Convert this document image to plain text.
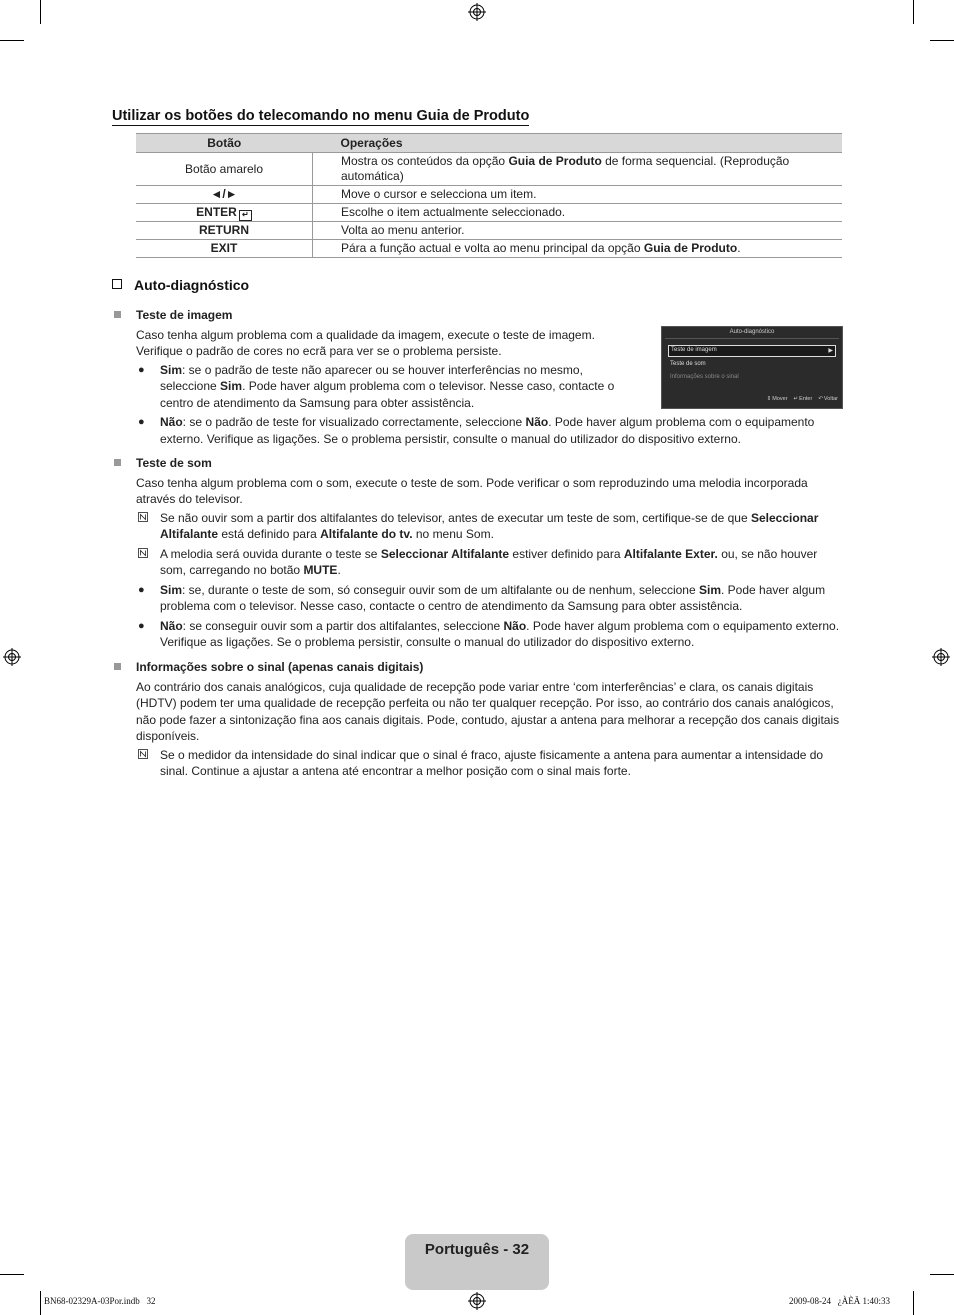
Utilizar os botões do telecomando no menu Guia de Produto
Botão	Operações
Botão amarelo	Mostra os conteúdos da opção Guia de Produto de forma sequencial. (Reprodução automática)
◄/►	Move o cursor e selecciona um item.
ENTER ↵	Escolhe o item actualmente seleccionado.
RETURN	Volta ao menu anterior.
EXIT	Pára a função actual e volta ao menu principal da opção Guia de Produto.
Auto-diagnóstico
Teste de imagem
Caso tenha algum problema com a qualidade da imagem, execute o teste de imagem. Verifique o padrão de cores no ecrã para ver se o problema persiste.
● Sim: se o padrão de teste não aparecer ou se houver interferências no mesmo, seleccione Sim. Pode haver algum problema com o televisor. Nesse caso, contacte o centro de atendimento da Samsung para obter assistência.
● Não: se o padrão de teste for visualizado correctamente, seleccione Não. Pode haver algum problema com o equipamento externo. Verifique as ligações. Se o problema persistir, consulte o manual do utilizador do dispositivo externo.
Auto-diagnóstico
Teste de imagem	▶
Teste de som
Informações sobre o sinal
⇕Mover ↵Enter ↶Voltar
Teste de som
Caso tenha algum problema com o som, execute o teste de som. Pode verificar o som reproduzindo uma melodia incorporada através do televisor.
Se não ouvir som a partir dos altifalantes do televisor, antes de executar um teste de som, certifique-se de que Seleccionar Altifalante está definido para Altifalante do tv. no menu Som.
A melodia será ouvida durante o teste se Seleccionar Altifalante estiver definido para Altifalante Exter. ou, se não houver som, carregando no botão MUTE.
● Sim: se, durante o teste de som, só conseguir ouvir som de um altifalante ou de nenhum, seleccione Sim. Pode haver algum problema com o televisor. Nesse caso, contacte o centro de atendimento da Samsung para obter assistência.
● Não: se conseguir ouvir som a partir dos altifalantes, seleccione Não. Pode haver algum problema com o equipamento externo. Verifique as ligações. Se o problema persistir, consulte o manual do utilizador do dispositivo externo.
Informações sobre o sinal (apenas canais digitais)
Ao contrário dos canais analógicos, cuja qualidade de recepção pode variar entre ‘com interferências’ e clara, os canais digitais (HDTV) podem ter uma qualidade de recepção perfeita ou não ter qualquer recepção. Por isso, ao contrário dos canais analógicos, não pode fazer a sintonização fina aos canais digitais. Pode, contudo, ajustar a antena para melhorar a recepção dos canais digitais disponíveis.
Se o medidor da intensidade do sinal indicar que o sinal é fraco, ajuste fisicamente a antena para aumentar a intensidade do sinal. Continue a ajustar a antena até encontrar a melhor posição com o sinal mais forte.
Português - 32
BN68-02329A-03Por.indb   32	2009-08-24   ¿ÀÈÄ 1:40:33
